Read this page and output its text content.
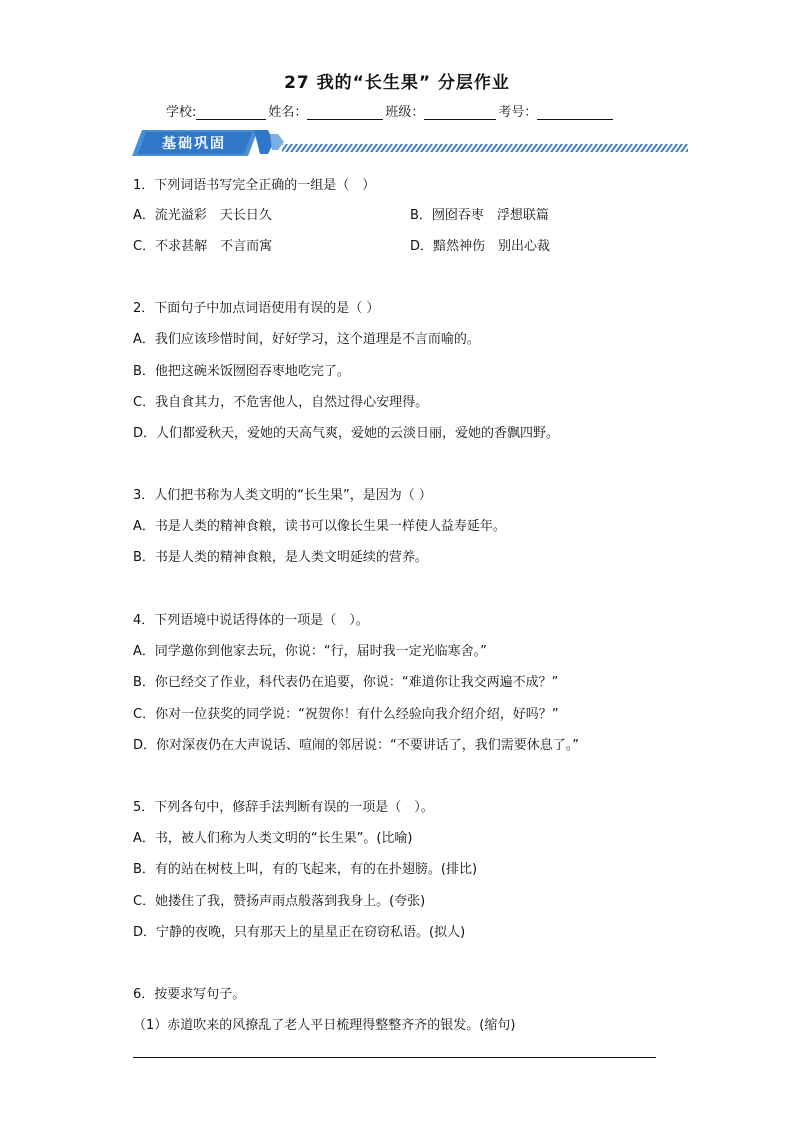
27 我的“长生果” 分层作业
学校:	姓名：	班级：	考号：
基础巩固
1．下列词语书写完全正确的一组是（　）
A．流光溢彩　天长日久	B．囫囵吞枣　浮想联篇
C．不求甚解　不言而寓	D．黯然神伤　别出心裁
2．下面句子中加点词语使用有误的是（ ）
A．我们应该珍惜时间，好好学习，这个道理是不言而喻的。
B．他把这碗米饭囫囵吞枣地吃完了。
C．我自食其力，不危害他人，自然过得心安理得。
D．人们都爱秋天，爱她的天高气爽，爱她的云淡日丽，爱她的香飘四野。
3．人们把书称为人类文明的“长生果”，是因为（ ）
A．书是人类的精神食粮，读书可以像长生果一样使人益寿延年。
B．书是人类的精神食粮，是人类文明延续的营养。
4．下列语境中说话得体的一项是（　）。
A．同学邀你到他家去玩，你说：“行，届时我一定光临寒舍。”
B．你已经交了作业，科代表仍在追要，你说：“难道你让我交两遍不成？”
C．你对一位获奖的同学说：“祝贺你！有什么经验向我介绍介绍，好吗？”
D．你对深夜仍在大声说话、喧闹的邻居说：“不要讲话了，我们需要休息了。”
5．下列各句中，修辞手法判断有误的一项是（　）。
A．书，被人们称为人类文明的“长生果”。(比喻)
B．有的站在树枝上叫，有的飞起来，有的在扑翅膀。(排比)
C．她搂住了我，赞扬声雨点般落到我身上。(夸张)
D．宁静的夜晚，只有那天上的星星正在窃窃私语。(拟人)
6．按要求写句子。
（1）赤道吹来的风撩乱了老人平日梳理得整整齐齐的银发。(缩句)
